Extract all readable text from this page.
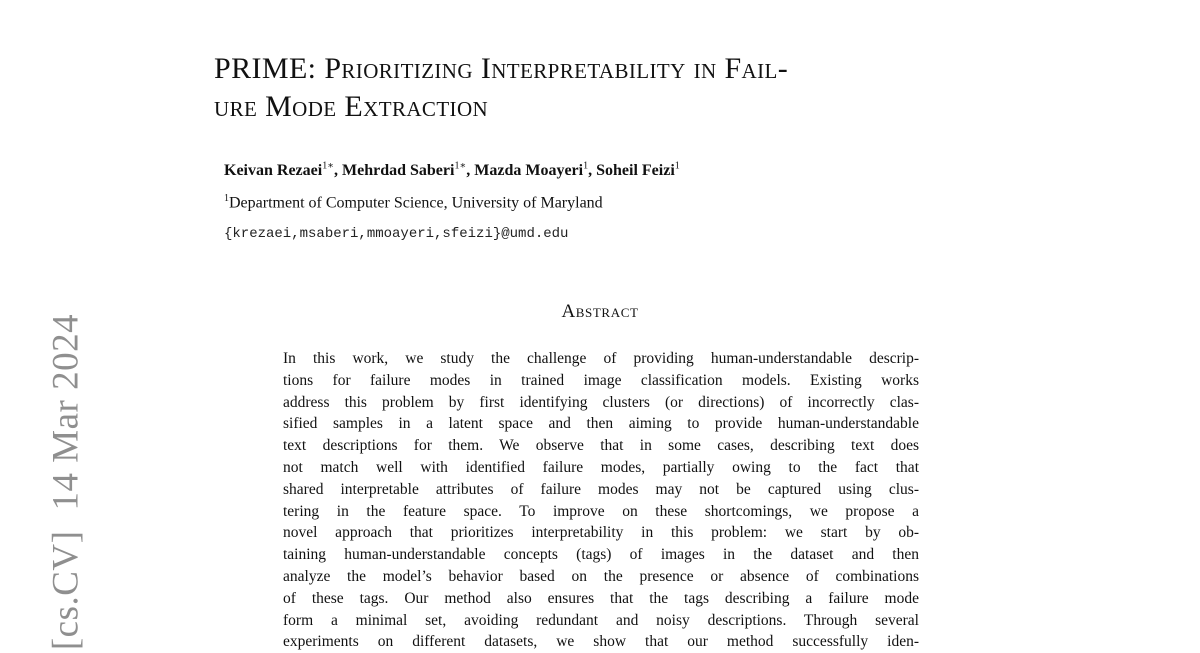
[cs.CV]14 Mar 2024
PRIME: Prioritizing Interpretability in Fail-
ure Mode Extraction
Keivan Rezaei$^{1∗}$, Mehrdad Saberi$^{1∗}$, Mazda Moayeri$^1$, Soheil Feizi$^1$
$^1$Department of Computer Science, University of Maryland
{krezaei,msaberi,mmoayeri,sfeizi}@umd.edu
Abstract
In this work, we study the challenge of providing human-understandable descrip-
tions for failure modes in trained image classification models. Existing works
address this problem by first identifying clusters (or directions) of incorrectly clas-
sified samples in a latent space and then aiming to provide human-understandable
text descriptions for them. We observe that in some cases, describing text does
not match well with identified failure modes, partially owing to the fact that
shared interpretable attributes of failure modes may not be captured using clus-
tering in the feature space. To improve on these shortcomings, we propose a
novel approach that prioritizes interpretability in this problem: we start by ob-
taining human-understandable concepts (tags) of images in the dataset and then
analyze the model’s behavior based on the presence or absence of combinations
of these tags. Our method also ensures that the tags describing a failure mode
form a minimal set, avoiding redundant and noisy descriptions. Through several
experiments on different datasets, we show that our method successfully iden-
